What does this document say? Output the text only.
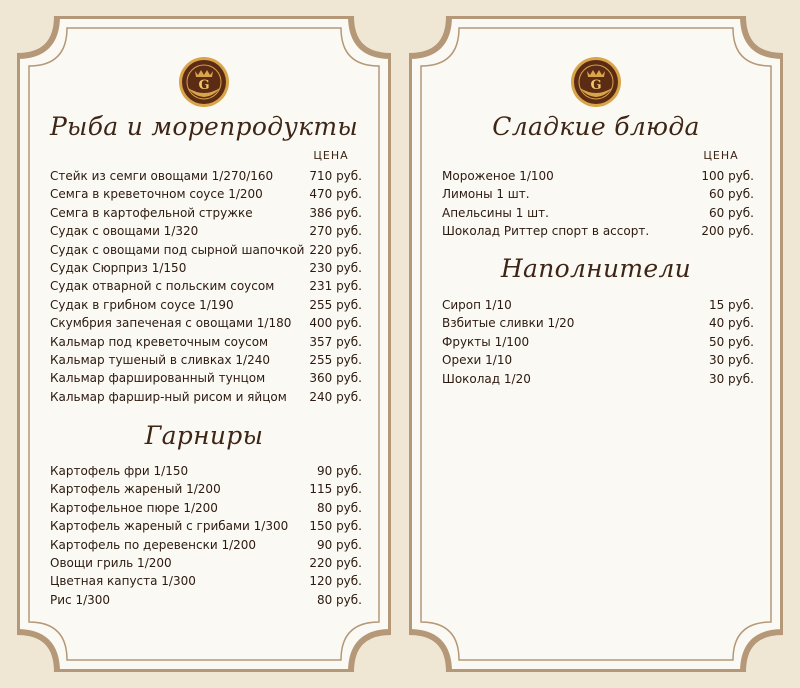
Рыба и морепродукты
ЦЕНА
Стейк из семги овощами 1/270/160	710 руб.
Семга в креветочном соусе 1/200	470 руб.
Семга в картофельной стружке	386 руб.
Судак с овощами 1/320	270 руб.
Судак с овощами под сырной шапочкой 220 руб.
Судак Сюрприз 1/150	230 руб.
Судак отварной с польским соусом	231 руб.
Судак в грибном соусе 1/190	255 руб.
Скумбрия запеченая с овощами 1/180 400 руб.
Кальмар под креветочным соусом	357 руб.
Кальмар тушеный в сливках 1/240	255 руб.
Кальмар фаршированный тунцом	360 руб.
Кальмар фаршир-ный рисом и яйцом 240 руб.
Гарниры
Картофель фри 1/150	90 руб.
Картофель жареный 1/200	115 руб.
Картофельное пюре 1/200	80 руб.
Картофель жареный с грибами 1/300 150 руб.
Картофель по деревенски 1/200	90 руб.
Овощи гриль 1/200	220 руб.
Цветная капуста 1/300	120 руб.
Рис 1/300	80 руб.
Сладкие блюда
ЦЕНА
Мороженое 1/100	100 руб.
Лимоны 1 шт.	60 руб.
Апельсины 1 шт.	60 руб.
Шоколад Риттер спорт в ассорт.	200 руб.
Наполнители
Сироп 1/10	15 руб.
Взбитые сливки 1/20	40 руб.
Фрукты 1/100	50 руб.
Орехи 1/10	30 руб.
Шоколад 1/20	30 руб.
